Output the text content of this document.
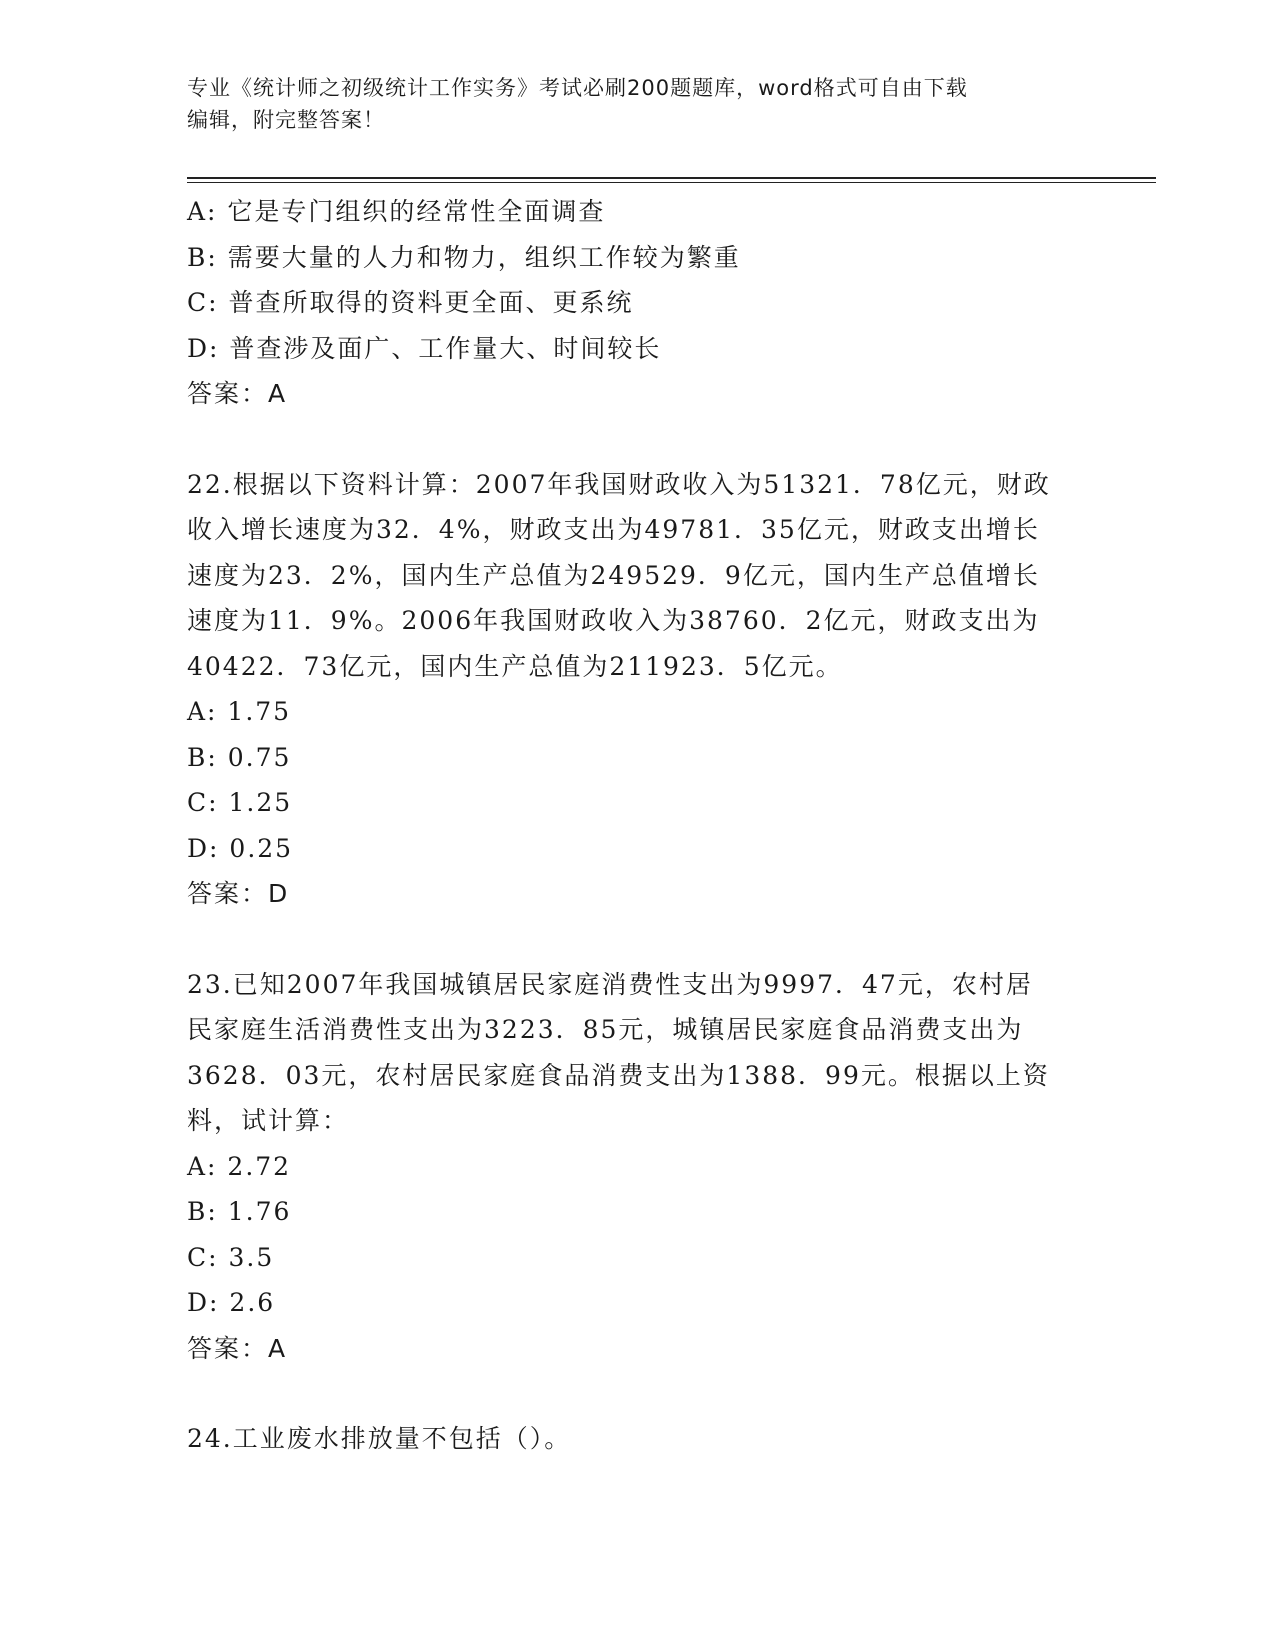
专业《统计师之初级统计工作实务》考试必刷200题题库，word格式可自由下载
编辑，附完整答案！
A: 它是专门组织的经常性全面调查
B: 需要大量的人力和物力，组织工作较为繁重
C: 普查所取得的资料更全面、更系统
D: 普查涉及面广、工作量大、时间较长
答案：A
22.根据以下资料计算：2007年我国财政收入为51321．78亿元，财政
收入增长速度为32．4%，财政支出为49781．35亿元，财政支出增长
速度为23．2%，国内生产总值为249529．9亿元，国内生产总值增长
速度为11．9%。2006年我国财政收入为38760．2亿元，财政支出为
40422．73亿元，国内生产总值为211923．5亿元。
A: 1.75
B: 0.75
C: 1.25
D: 0.25
答案：D
23.已知2007年我国城镇居民家庭消费性支出为9997．47元，农村居
民家庭生活消费性支出为3223．85元，城镇居民家庭食品消费支出为
3628．03元，农村居民家庭食品消费支出为1388．99元。根据以上资
料，试计算：
A: 2.72
B: 1.76
C: 3.5
D: 2.6
答案：A
24.工业废水排放量不包括（）。
